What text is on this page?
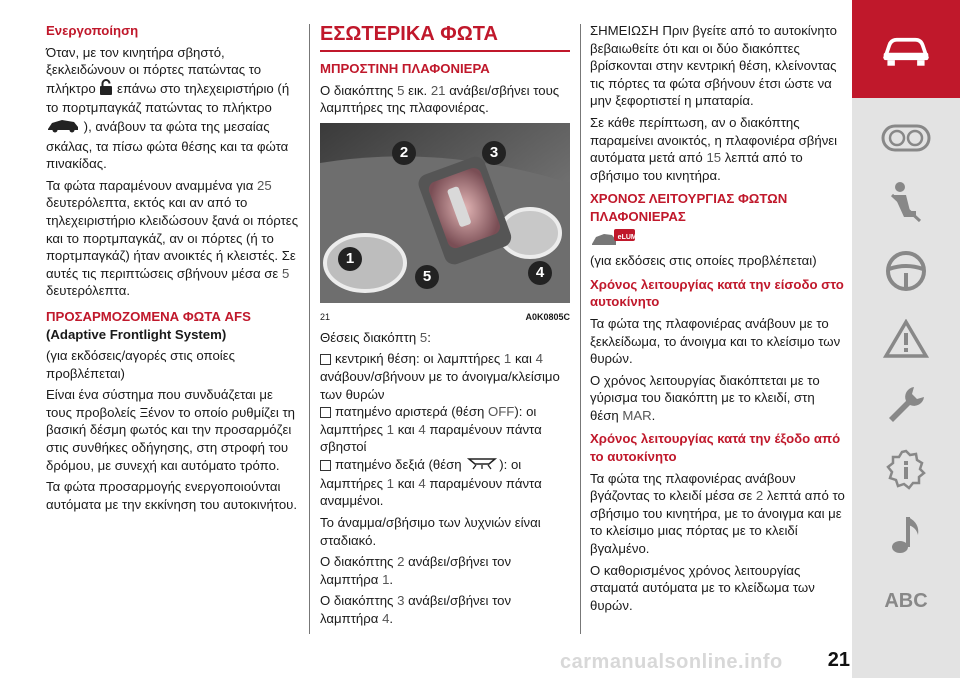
Ενεργοποίηση

Όταν, με τον κινητήρα σβηστό, ξεκλειδώνουν οι πόρτες πατώντας το πλήκτρο επάνω στο τηλεχειριστήριο (ή το πορτμπαγκάζ πατώντας το πλήκτρο  ), ανάβουν τα φώτα της μεσαίας σκάλας, τα πίσω φώτα θέσης και τα φώτα πινακίδας.

Τα φώτα παραμένουν αναμμένα για 25 δευτερόλεπτα, εκτός και αν από το τηλεχειριστήριο κλειδώσουν ξανά οι πόρτες και το πορτμπαγκάζ, αν οι πόρτες (ή το πορτμπαγκάζ) ήταν ανοικτές ή κλειστές. Σε αυτές τις περιπτώσεις σβήνουν μέσα σε 5 δευτερόλεπτα.

ΠΡΟΣΑΡΜΟΖΟΜΕΝΑ ΦΩΤΑ AFS

(Adaptive Frontlight System)

(για εκδόσεις/αγορές στις οποίες προβλέπεται)

Είναι ένα σύστημα που συνδυάζεται με τους προβολείς Ξένον το οποίο ρυθμίζει τη βασική δέσμη φωτός και την προσαρμόζει στις συνθήκες οδήγησης, στη στροφή του δρόμου, με συνεχή και αυτόματο τρόπο.

Τα φώτα προσαρμογής ενεργοποιούνται αυτόματα με την εκκίνηση του αυτοκινήτου.

ΕΣΩΤΕΡΙΚΑ ΦΩΤΑ

ΜΠΡΟΣΤΙΝΗ ΠΛΑΦΟΝΙΕΡΑ

Ο διακόπτης 5 εικ. 21 ανάβει/σβήνει τους λαμπτήρες της πλαφονιέρας.

2	3
1
5	4
21	A0K0805C

Θέσεις διακόπτη 5:

κεντρική θέση: οι λαμπτήρες 1 και 4 ανάβουν/σβήνουν με το άνοιγμα/κλείσιμο των θυρών

πατημένο αριστερά (θέση OFF): οι λαμπτήρες 1 και 4 παραμένουν πάντα σβηστοί

πατημένο δεξιά (θέση	): οι λαμπτήρες 1 και 4 παραμένουν πάντα αναμμένοι.

Το άναμμα/σβήσιμο των λυχνιών είναι σταδιακό.

Ο διακόπτης 2 ανάβει/σβήνει τον λαμπτήρα 1.

Ο διακόπτης 3 ανάβει/σβήνει τον λαμπτήρα 4.

ΣΗΜΕΙΩΣΗ Πριν βγείτε από το αυτοκίνητο βεβαιωθείτε ότι και οι δύο διακόπτες βρίσκονται στην κεντρική θέση, κλείνοντας τις πόρτες τα φώτα σβήνουν έτσι ώστε να μην ξεφορτιστεί η μπαταρία.

Σε κάθε περίπτωση, αν ο διακόπτης παραμείνει ανοικτός, η πλαφονιέρα σβήνει αυτόματα μετά από 15 λεπτά από το σβήσιμο του κινητήρα.

ΧΡΟΝΟΣ ΛΕΙΤΟΥΡΓΙΑΣ ΦΩΤΩΝ ΠΛΑΦΟΝΙΕΡΑΣ

$^{eLUM}$

(για εκδόσεις στις οποίες προβλέπεται)

Χρόνος λειτουργίας κατά την είσοδο στο αυτοκίνητο

Τα φώτα της πλαφονιέρας ανάβουν με το ξεκλείδωμα, το άνοιγμα και το κλείσιμο των θυρών.

Ο χρόνος λειτουργίας διακόπτεται με το γύρισμα του διακόπτη με το κλειδί, στη θέση MAR.

Χρόνος λειτουργίας κατά την έξοδο από το αυτοκίνητο

Τα φώτα της πλαφονιέρας ανάβουν βγάζοντας το κλειδί μέσα σε 2 λεπτά από το σβήσιμο του κινητήρα, με το άνοιγμα και με το κλείσιμο μιας πόρτας με το κλειδί βγαλμένο.

Ο καθορισμένος χρόνος λειτουργίας σταματά αυτόματα με το κλείδωμα των θυρών.	ABC
carmanualsonline.info 21
